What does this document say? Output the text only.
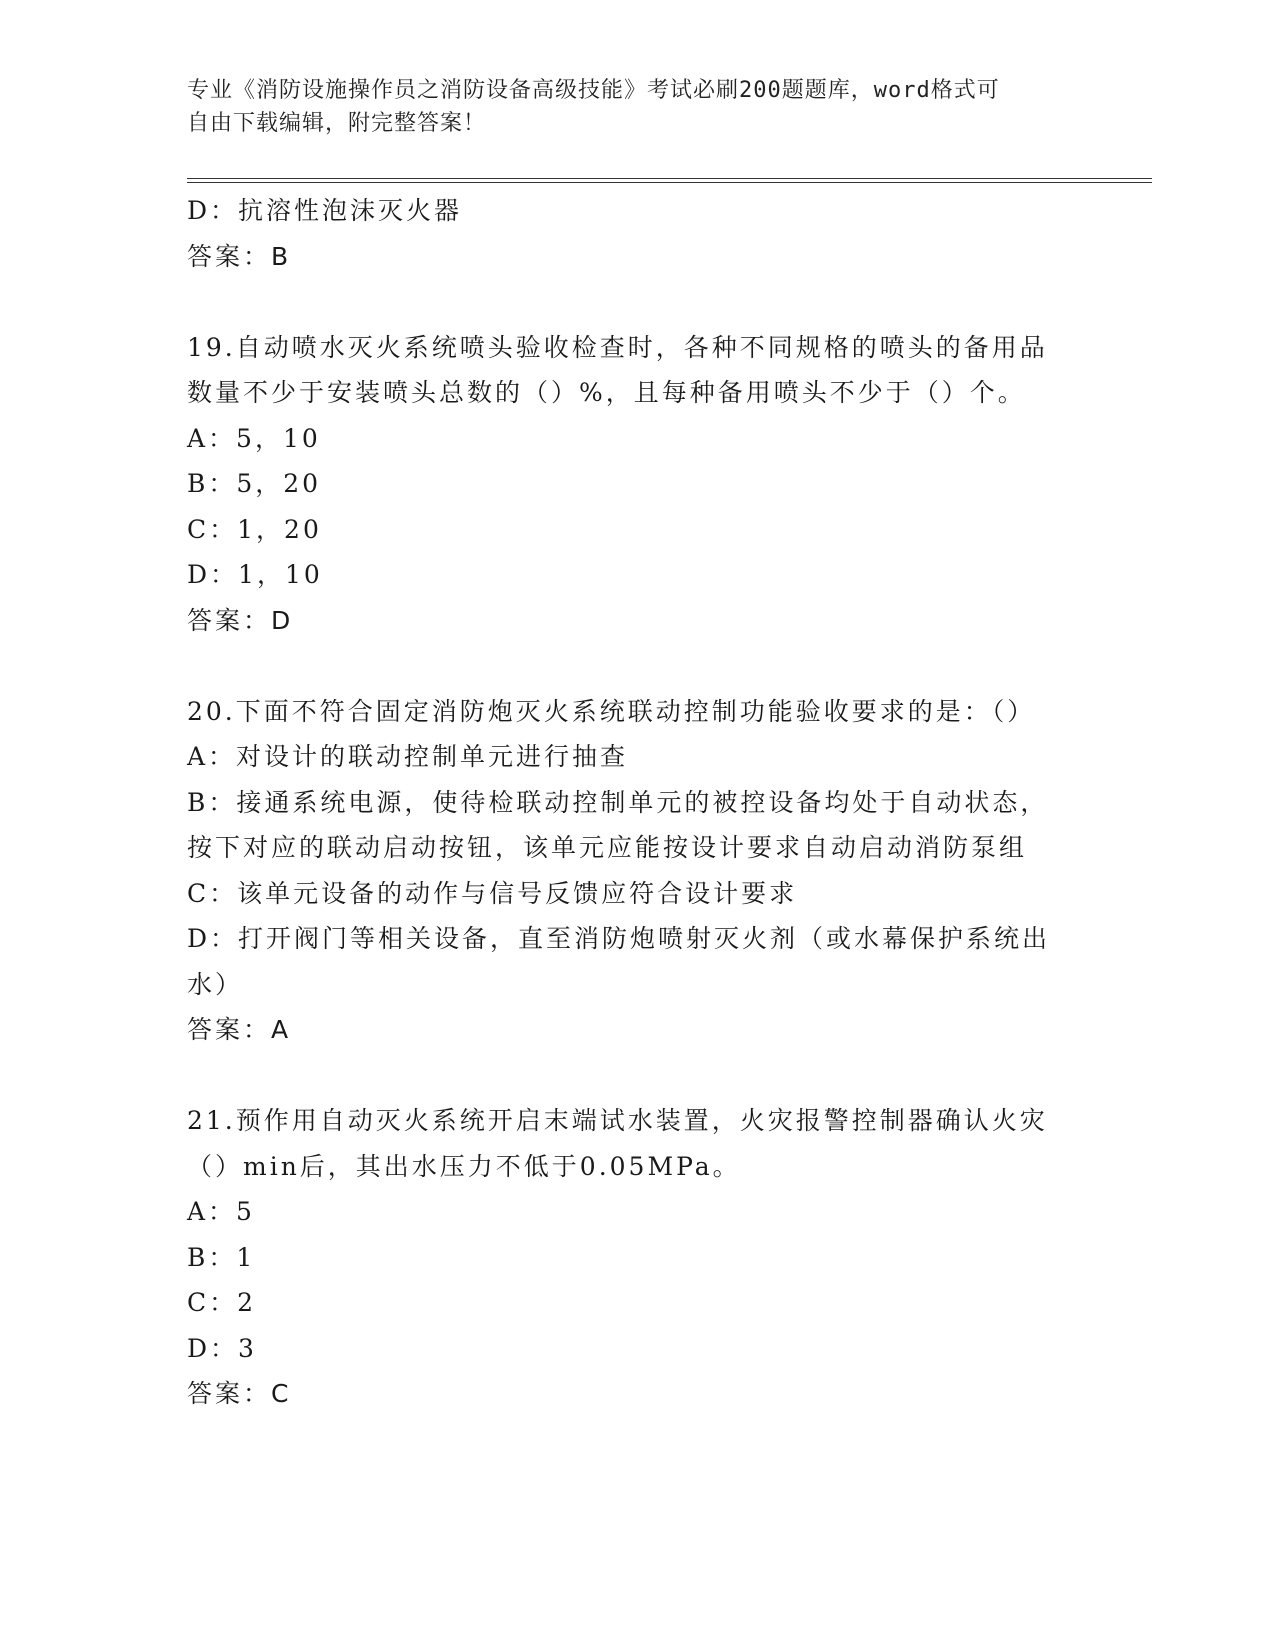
专业《消防设施操作员之消防设备高级技能》考试必刷200题题库，word格式可
自由下载编辑，附完整答案！
D：抗溶性泡沫灭火器
答案：B
19.自动喷水灭火系统喷头验收检查时，各种不同规格的喷头的备用品
数量不少于安装喷头总数的（）%，且每种备用喷头不少于（）个。
A：5，10
B：5，20
C：1，20
D：1，10
答案：D
20.下面不符合固定消防炮灭火系统联动控制功能验收要求的是：（）
A：对设计的联动控制单元进行抽查
B：接通系统电源，使待检联动控制单元的被控设备均处于自动状态，
按下对应的联动启动按钮，该单元应能按设计要求自动启动消防泵组
C：该单元设备的动作与信号反馈应符合设计要求
D：打开阀门等相关设备，直至消防炮喷射灭火剂（或水幕保护系统出
水）
答案：A
21.预作用自动灭火系统开启末端试水装置，火灾报警控制器确认火灾
（）min后，其出水压力不低于0.05MPa。
A：5
B：1
C：2
D：3
答案：C
